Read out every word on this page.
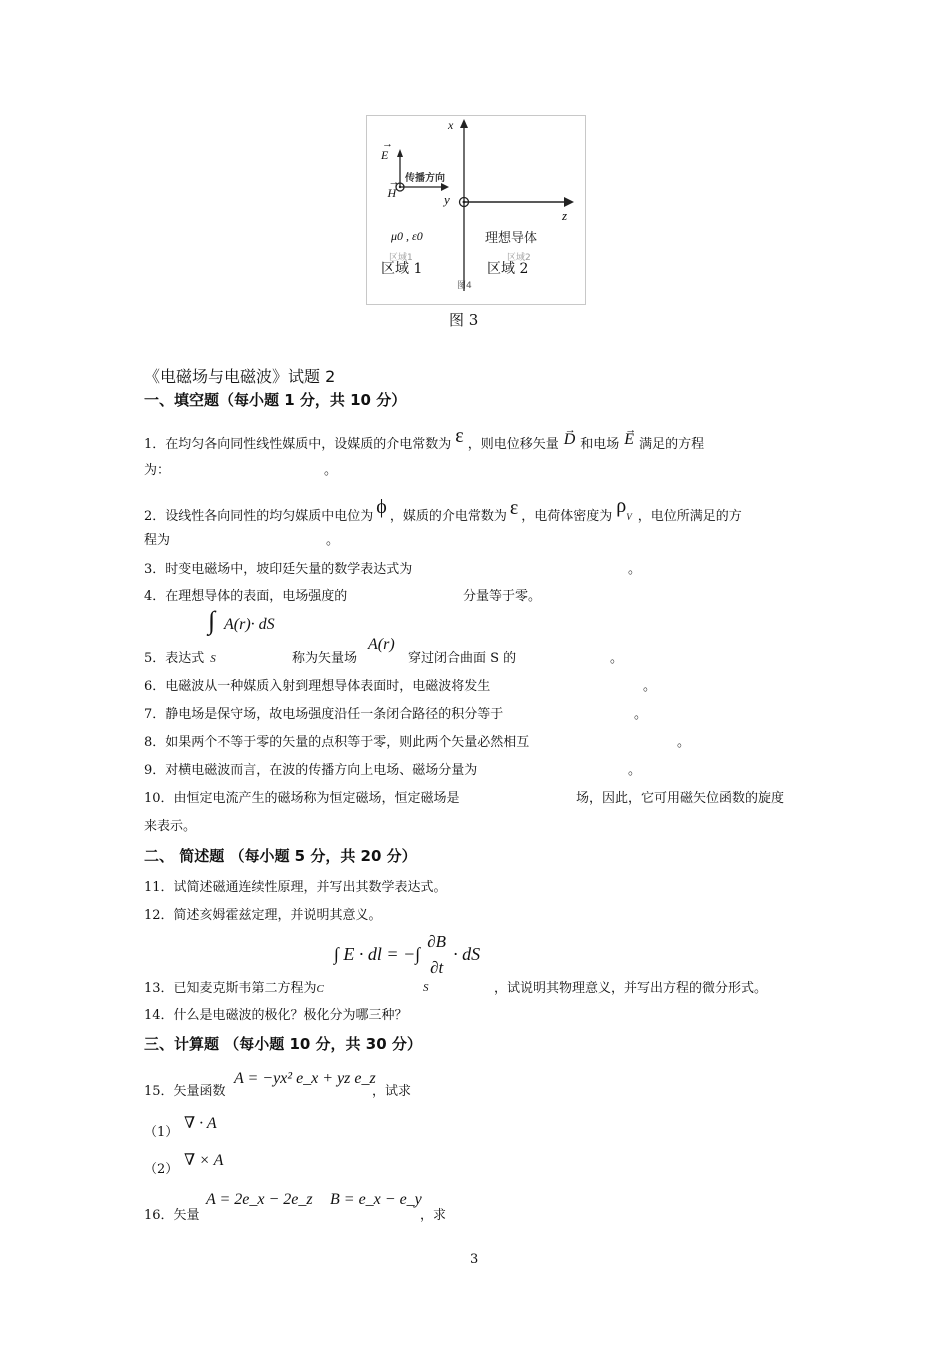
x
z
y
→ E → H
传播方向
μ0 , ε0	理想导体
区域1	区域2
区域 1	区域 2
图4
图 3
《电磁场与电磁波》试题 2
一、填空题（每小题 1 分，共 10 分）
1．在均匀各向同性线性媒质中，设媒质的介电常数为 ε ，则电位移矢量 → D 和电场 → E 满足的方程
为：	。
2．设线性各向同性的均匀媒质中电位为 ϕ ，媒质的介电常数为 ε ，电荷体密度为 ρV ，电位所满足的方
程为	。
3．时变电磁场中，坡印廷矢量的数学表达式为	。
4．在理想导体的表面，电场强度的	分量等于零。
∫ A(r)· dS
A(r)
5．表达式 S	称为矢量场	穿过闭合曲面 S 的	。
6．电磁波从一种媒质入射到理想导体表面时，电磁波将发生	。
7．静电场是保守场，故电场强度沿任一条闭合路径的积分等于	。
8．如果两个不等于零的矢量的点积等于零，则此两个矢量必然相互	。
9．对横电磁波而言，在波的传播方向上电场、磁场分量为	。
10．由恒定电流产生的磁场称为恒定磁场，恒定磁场是	场，因此，它可用磁矢位函数的旋度
来表示。
二、 简述题 （每小题 5 分，共 20 分）
11．试简述磁通连续性原理，并写出其数学表达式。
12．简述亥姆霍兹定理，并说明其意义。
∫ E · dl = −∫
∂B
∂t
· dS
13．已知麦克斯韦第二方程为C	S	，试说明其物理意义，并写出方程的微分形式。
14．什么是电磁波的极化？极化分为哪三种？
三、计算题 （每小题 10 分，共 30 分）
15．矢量函数
A = −yx² e_x + yz e_z
，试求
（1）
∇ · A
（2）
∇ × A
16．矢量
A = 2e_x − 2e_z B = e_x − e_y
，求
3
